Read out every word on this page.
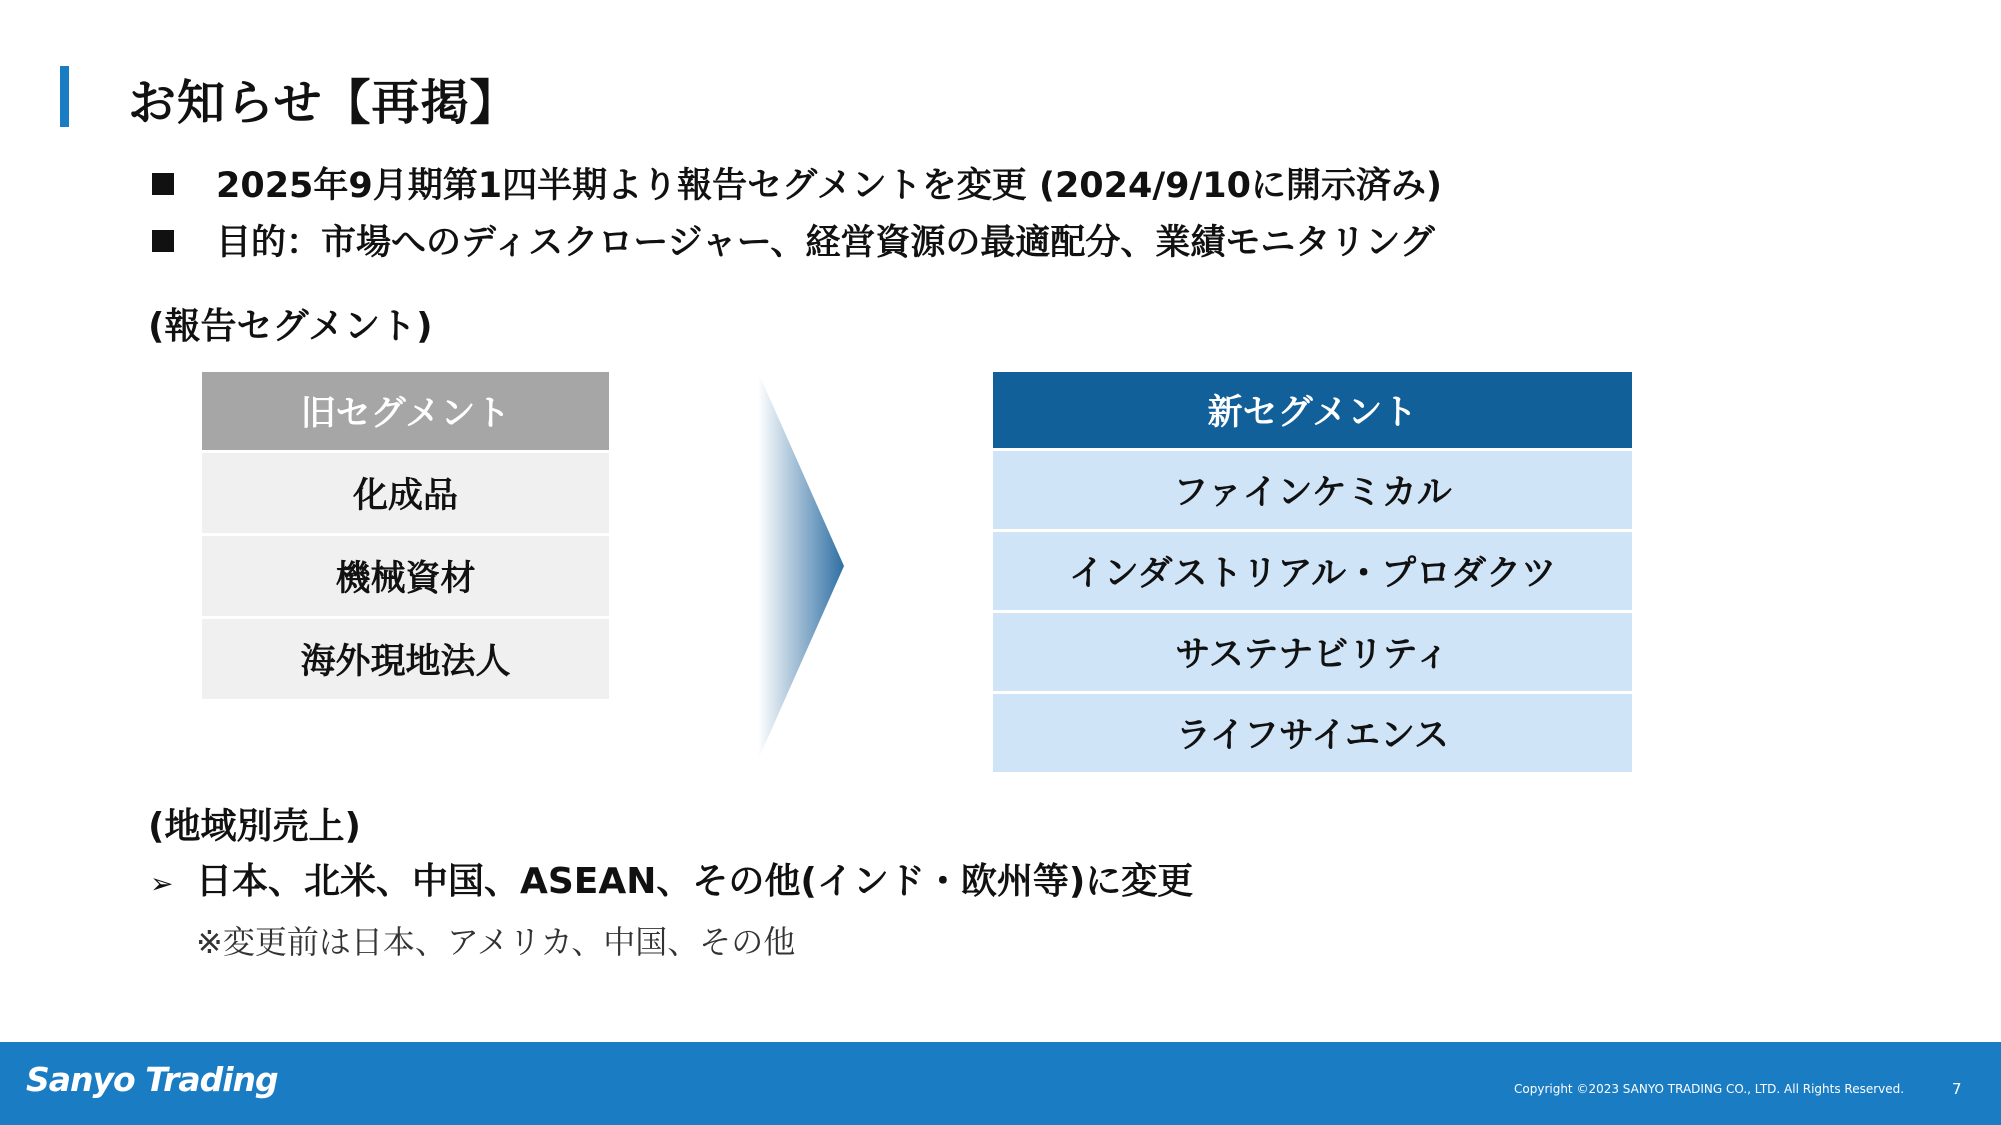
お知らせ【再掲】
2025年9月期第1四半期より報告セグメントを変更 (2024/9/10に開示済み)
目的：市場へのディスクロージャー、経営資源の最適配分、業績モニタリング
(報告セグメント)
旧セグメント
化成品
機械資材
海外現地法人
新セグメント
ファインケミカル
インダストリアル・プロダクツ
サステナビリティ
ライフサイエンス
(地域別売上)
➢ 日本、北米、中国、ASEAN、その他(インド・欧州等)に変更
※変更前は日本、アメリカ、中国、その他
Sanyo Trading	Copyright ©2023 SANYO TRADING CO., LTD. All Rights Reserved.	7
